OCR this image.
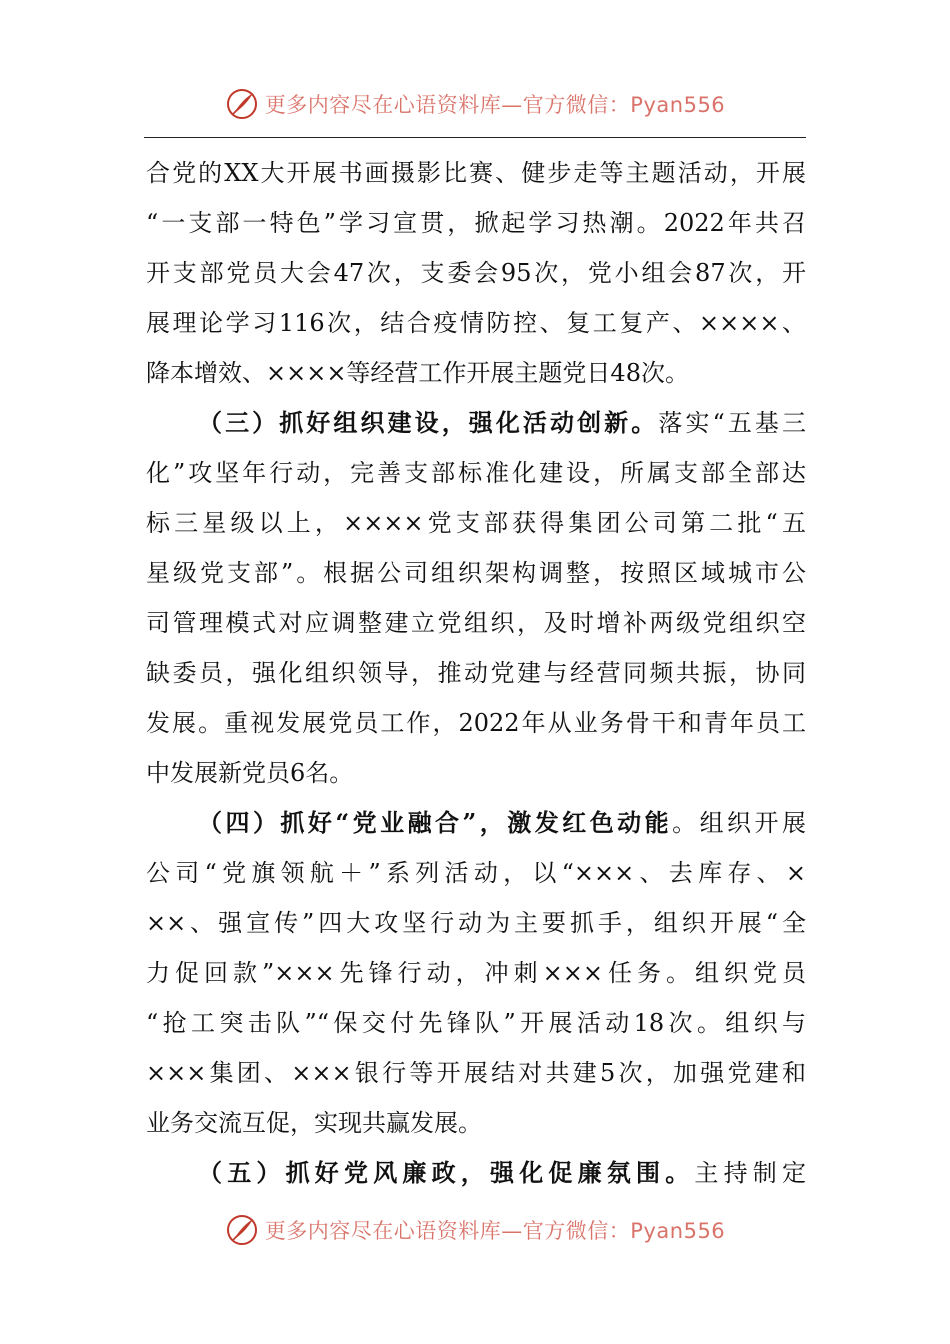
更多内容尽在心语资料库—官方微信：Pyan556
合党的XX大开展书画摄影比赛、健步走等主题活动，开展
“一支部一特色”学习宣贯，掀起学习热潮。2022年共召
开支部党员大会47次，支委会95次，党小组会87次，开
展理论学习116次，结合疫情防控、复工复产、××××、
降本增效、××××等经营工作开展主题党日48次。
（三）抓好组织建设，强化活动创新。落实“五基三
化”攻坚年行动，完善支部标准化建设，所属支部全部达
标三星级以上，××××党支部获得集团公司第二批“五
星级党支部”。根据公司组织架构调整，按照区域城市公
司管理模式对应调整建立党组织，及时增补两级党组织空
缺委员，强化组织领导，推动党建与经营同频共振，协同
发展。重视发展党员工作，2022年从业务骨干和青年员工
中发展新党员6名。
（四）抓好“党业融合”，激发红色动能。组织开展
公司“党旗领航＋”系列活动，以“×××、去库存、×
××、强宣传”四大攻坚行动为主要抓手，组织开展“全
力促回款”×××先锋行动，冲刺×××任务。组织党员
“抢工突击队”“保交付先锋队”开展活动18次。组织与
×××集团、×××银行等开展结对共建5次，加强党建和
业务交流互促，实现共赢发展。
（五）抓好党风廉政，强化促廉氛围。主持制定
更多内容尽在心语资料库—官方微信：Pyan556
